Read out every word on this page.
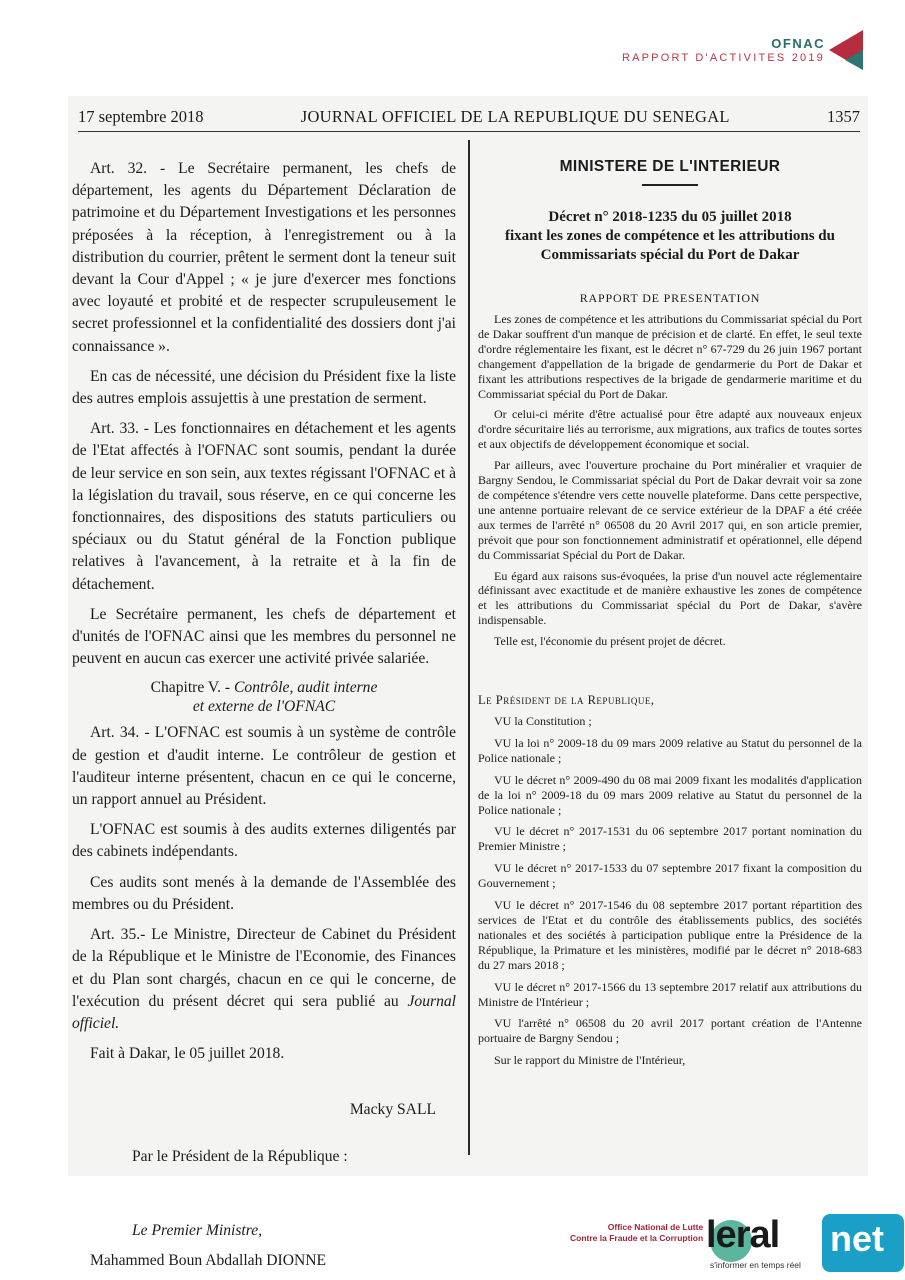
OFNAC
RAPPORT D'ACTIVITES 2019
17 septembre 2018	JOURNAL OFFICIEL DE LA REPUBLIQUE DU SENEGAL	1357

Art. 32. - Le Secrétaire permanent, les chefs de département, les agents du Département Déclaration de patrimoine et du Département Investigations et les personnes préposées à la réception, à l'enregistrement ou à la distribution du courrier, prêtent le serment dont la teneur suit devant la Cour d'Appel ; « je jure d'exercer mes fonctions avec loyauté et probité et de respecter scrupuleusement le secret professionnel et la confidentialité des dossiers dont j'ai connaissance ».

En cas de nécessité, une décision du Président fixe la liste des autres emplois assujettis à une prestation de serment.

Art. 33. - Les fonctionnaires en détachement et les agents de l'Etat affectés à l'OFNAC sont soumis, pendant la durée de leur service en son sein, aux textes régissant l'OFNAC et à la législation du travail, sous réserve, en ce qui concerne les fonctionnaires, des dispositions des statuts particuliers ou spéciaux ou du Statut général de la Fonction publique relatives à l'avancement, à la retraite et à la fin de détachement.

Le Secrétaire permanent, les chefs de département et d'unités de l'OFNAC ainsi que les membres du personnel ne peuvent en aucun cas exercer une activité privée salariée.

Chapitre V. - Contrôle, audit interne
et externe de l'OFNAC

Art. 34. - L'OFNAC est soumis à un système de contrôle de gestion et d'audit interne. Le contrôleur de gestion et l'auditeur interne présentent, chacun en ce qui le concerne, un rapport annuel au Président.

L'OFNAC est soumis à des audits externes diligentés par des cabinets indépendants.

Ces audits sont menés à la demande de l'Assemblée des membres ou du Président.

Art. 35.- Le Ministre, Directeur de Cabinet du Président de la République et le Ministre de l'Economie, des Finances et du Plan sont chargés, chacun en ce qui le concerne, de l'exécution du présent décret qui sera publié au Journal officiel.

Fait à Dakar, le 05 juillet 2018.
Macky SALL
Par le Président de la République :
Le Premier Ministre,
Mahammed Boun Abdallah DIONNE
MINISTERE DE L'INTERIEUR
Décret n° 2018-1235 du 05 juillet 2018
fixant les zones de compétence et les attributions du
Commissariats spécial du Port de Dakar
RAPPORT DE PRESENTATION

Les zones de compétence et les attributions du Commissariat spécial du Port de Dakar souffrent d'un manque de précision et de clarté. En effet, le seul texte d'ordre réglementaire les fixant, est le décret n° 67-729 du 26 juin 1967 portant changement d'appellation de la brigade de gendarmerie du Port de Dakar et fixant les attributions respectives de la brigade de gendarmerie maritime et du Commissariat spécial du Port de Dakar.

Or celui-ci mérite d'être actualisé pour être adapté aux nouveaux enjeux d'ordre sécuritaire liés au terrorisme, aux migrations, aux trafics de toutes sortes et aux objectifs de développement économique et social.

Par ailleurs, avec l'ouverture prochaine du Port minéralier et vraquier de Bargny Sendou, le Commissariat spécial du Port de Dakar devrait voir sa zone de compétence s'étendre vers cette nouvelle plateforme. Dans cette perspective, une antenne portuaire relevant de ce service extérieur de la DPAF a été créée aux termes de l'arrêté n° 06508 du 20 Avril 2017 qui, en son article premier, prévoit que pour son fonctionnement administratif et opérationnel, elle dépend du Commissariat Spécial du Port de Dakar.

Eu égard aux raisons sus-évoquées, la prise d'un nouvel acte réglementaire définissant avec exactitude et de manière exhaustive les zones de compétence et les attributions du Commissariat spécial du Port de Dakar, s'avère indispensable.

Telle est, l'économie du présent projet de décret.

Le Président de la Republique,

VU la Constitution ;

VU la loi n° 2009-18 du 09 mars 2009 relative au Statut du personnel de la Police nationale ;

VU le décret n° 2009-490 du 08 mai 2009 fixant les modalités d'application de la loi n° 2009-18 du 09 mars 2009 relative au Statut du personnel de la Police nationale ;

VU le décret n° 2017-1531 du 06 septembre 2017 portant nomination du Premier Ministre ;

VU le décret n° 2017-1533 du 07 septembre 2017 fixant la composition du Gouvernement ;

VU le décret n° 2017-1546 du 08 septembre 2017 portant répartition des services de l'Etat et du contrôle des établissements publics, des sociétés nationales et des sociétés à participation publique entre la Présidence de la République, la Primature et les ministères, modifié par le décret n° 2018-683 du 27 mars 2018 ;

VU le décret n° 2017-1566 du 13 septembre 2017 relatif aux attributions du Ministre de l'Intérieur ;

VU l'arrêté n° 06508 du 20 avril 2017 portant création de l'Antenne portuaire de Bargny Sendou ;

Sur le rapport du Ministre de l'Intérieur,

Office National de Lutte
Contre la Fraude et la Corruption leral net
s'informer en temps réel
